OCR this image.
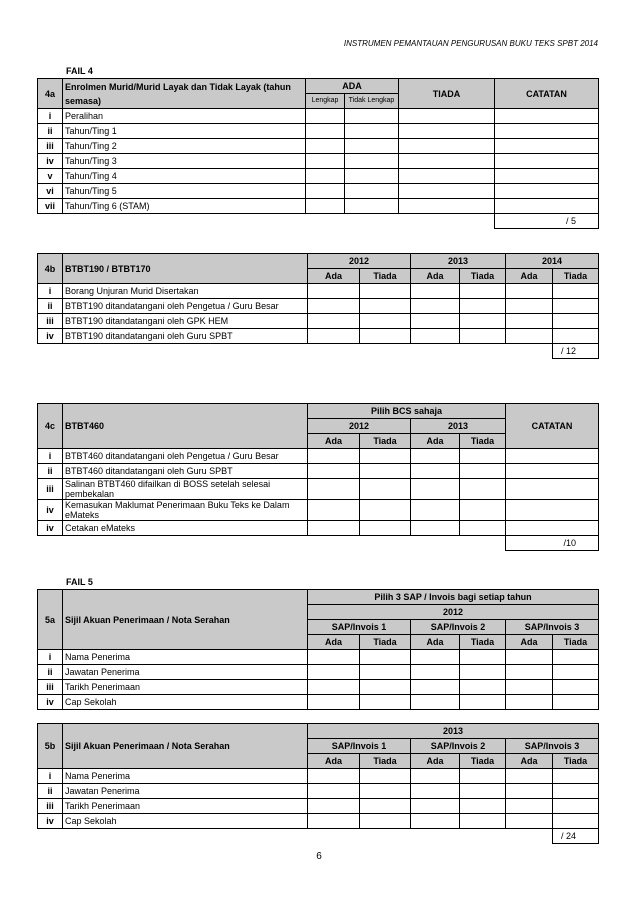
INSTRUMEN PEMANTAUAN PENGURUSAN BUKU TEKS SPBT 2014
FAIL 4
4a	Enrolmen Murid/Murid Layak dan Tidak Layak (tahun semasa)	ADA		TIADA	CATATAN
		Lengkap	Tidak Lengkap		
i	Peralihan				
ii	Tahun/Ting 1				
iii	Tahun/Ting 2				
iv	Tahun/Ting 3				
v	Tahun/Ting 4				
vi	Tahun/Ting 5				
vii	Tahun/Ting 6 (STAM)				
					/ 5
4b	BTBT190 / BTBT170	2012		2013		2014	
		Ada	Tiada	Ada	Tiada	Ada	Tiada
i	Borang Unjuran Murid Disertakan						
ii	BTBT190 ditandatangani oleh Pengetua / Guru Besar						
iii	BTBT190 ditandatangani oleh GPK HEM						
iv	BTBT190 ditandatangani oleh Guru SPBT						
							/ 12
4c	BTBT460	Pilih BCS sahaja				CATATAN
		2012		2013		
		Ada	Tiada	Ada	Tiada	
i	BTBT460 ditandatangani oleh Pengetua / Guru Besar					
ii	BTBT460 ditandatangani oleh Guru SPBT					
iii	Salinan BTBT460 difailkan di BOSS setelah selesai pembekalan					
iv	Kemasukan Maklumat Penerimaan Buku Teks ke Dalam eMateks					
iv	Cetakan eMateks					
						/10
FAIL 5
5a	Sijil Akuan Penerimaan / Nota Serahan	Pilih 3 SAP / Invois bagi setiap tahun					
		2012					
		SAP/Invois 1		SAP/Invois 2		SAP/Invois 3	
		Ada	Tiada	Ada	Tiada	Ada	Tiada
i	Nama Penerima						
ii	Jawatan Penerima						
iii	Tarikh Penerimaan						
iv	Cap Sekolah						
5b	Sijil Akuan Penerimaan / Nota Serahan	2013					
		SAP/Invois 1		SAP/Invois 2		SAP/Invois 3	
		Ada	Tiada	Ada	Tiada	Ada	Tiada
i	Nama Penerima						
ii	Jawatan Penerima						
iii	Tarikh Penerimaan						
iv	Cap Sekolah						
							/ 24
6
